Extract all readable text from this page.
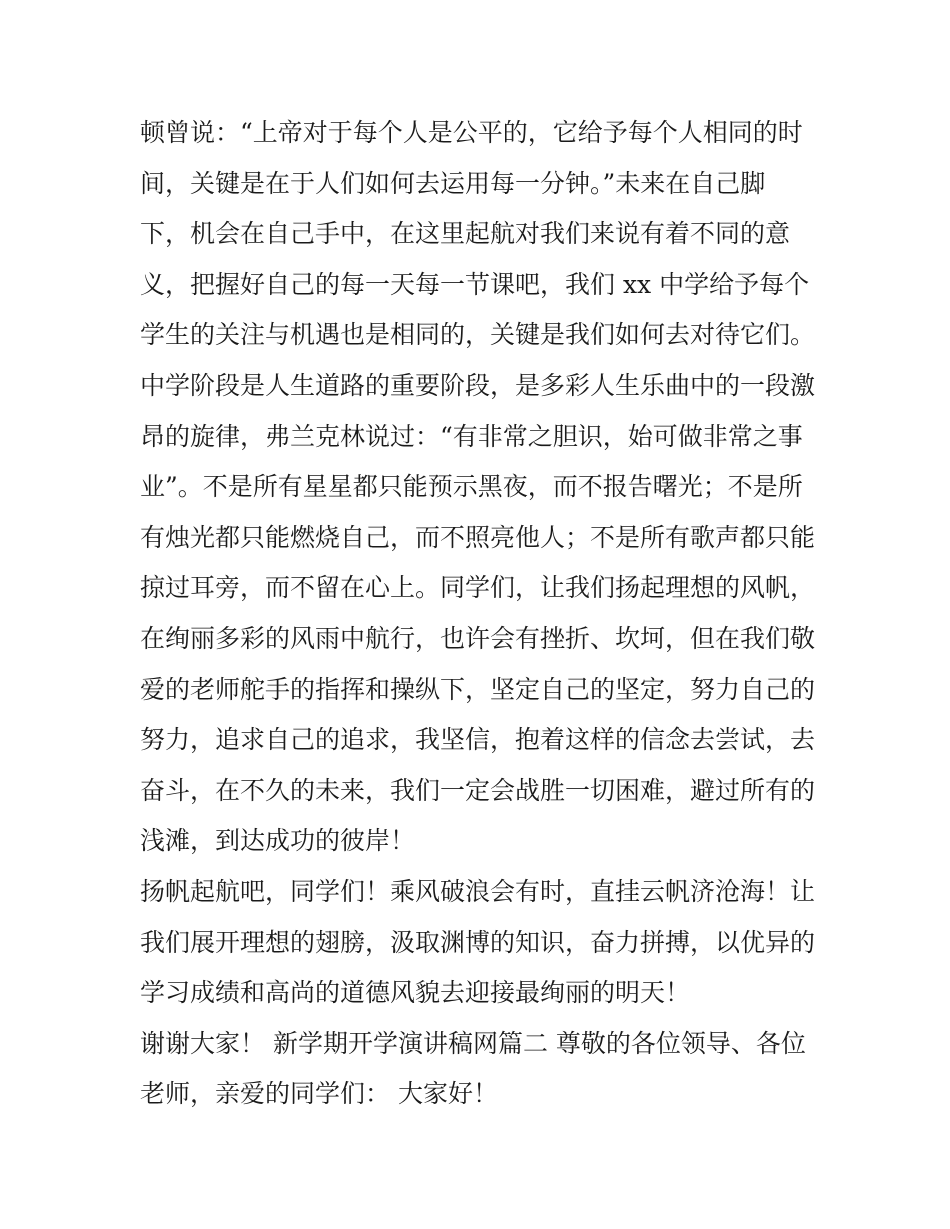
顿曾说：“上帝对于每个人是公平的，它给予每个人相同的时
间，关键是在于人们如何去运用每一分钟。”未来在自己脚
下，机会在自己手中，在这里起航对我们来说有着不同的意
义，把握好自己的每一天每一节课吧，我们 xx 中学给予每个
学生的关注与机遇也是相同的，关键是我们如何去对待它们。
中学阶段是人生道路的重要阶段，是多彩人生乐曲中的一段激
昂的旋律，弗兰克林说过：“有非常之胆识，始可做非常之事
业”。不是所有星星都只能预示黑夜，而不报告曙光；不是所
有烛光都只能燃烧自己，而不照亮他人；不是所有歌声都只能
掠过耳旁，而不留在心上。同学们，让我们扬起理想的风帆，
在绚丽多彩的风雨中航行，也许会有挫折、坎坷，但在我们敬
爱的老师舵手的指挥和操纵下，坚定自己的坚定，努力自己的
努力，追求自己的追求，我坚信，抱着这样的信念去尝试，去
奋斗，在不久的未来，我们一定会战胜一切困难，避过所有的
浅滩，到达成功的彼岸！
扬帆起航吧，同学们！乘风破浪会有时，直挂云帆济沧海！让
我们展开理想的翅膀，汲取渊博的知识，奋力拼搏，以优异的
学习成绩和高尚的道德风貌去迎接最绚丽的明天！
谢谢大家！ 新学期开学演讲稿网篇二 尊敬的各位领导、各位
老师，亲爱的同学们： 大家好！
